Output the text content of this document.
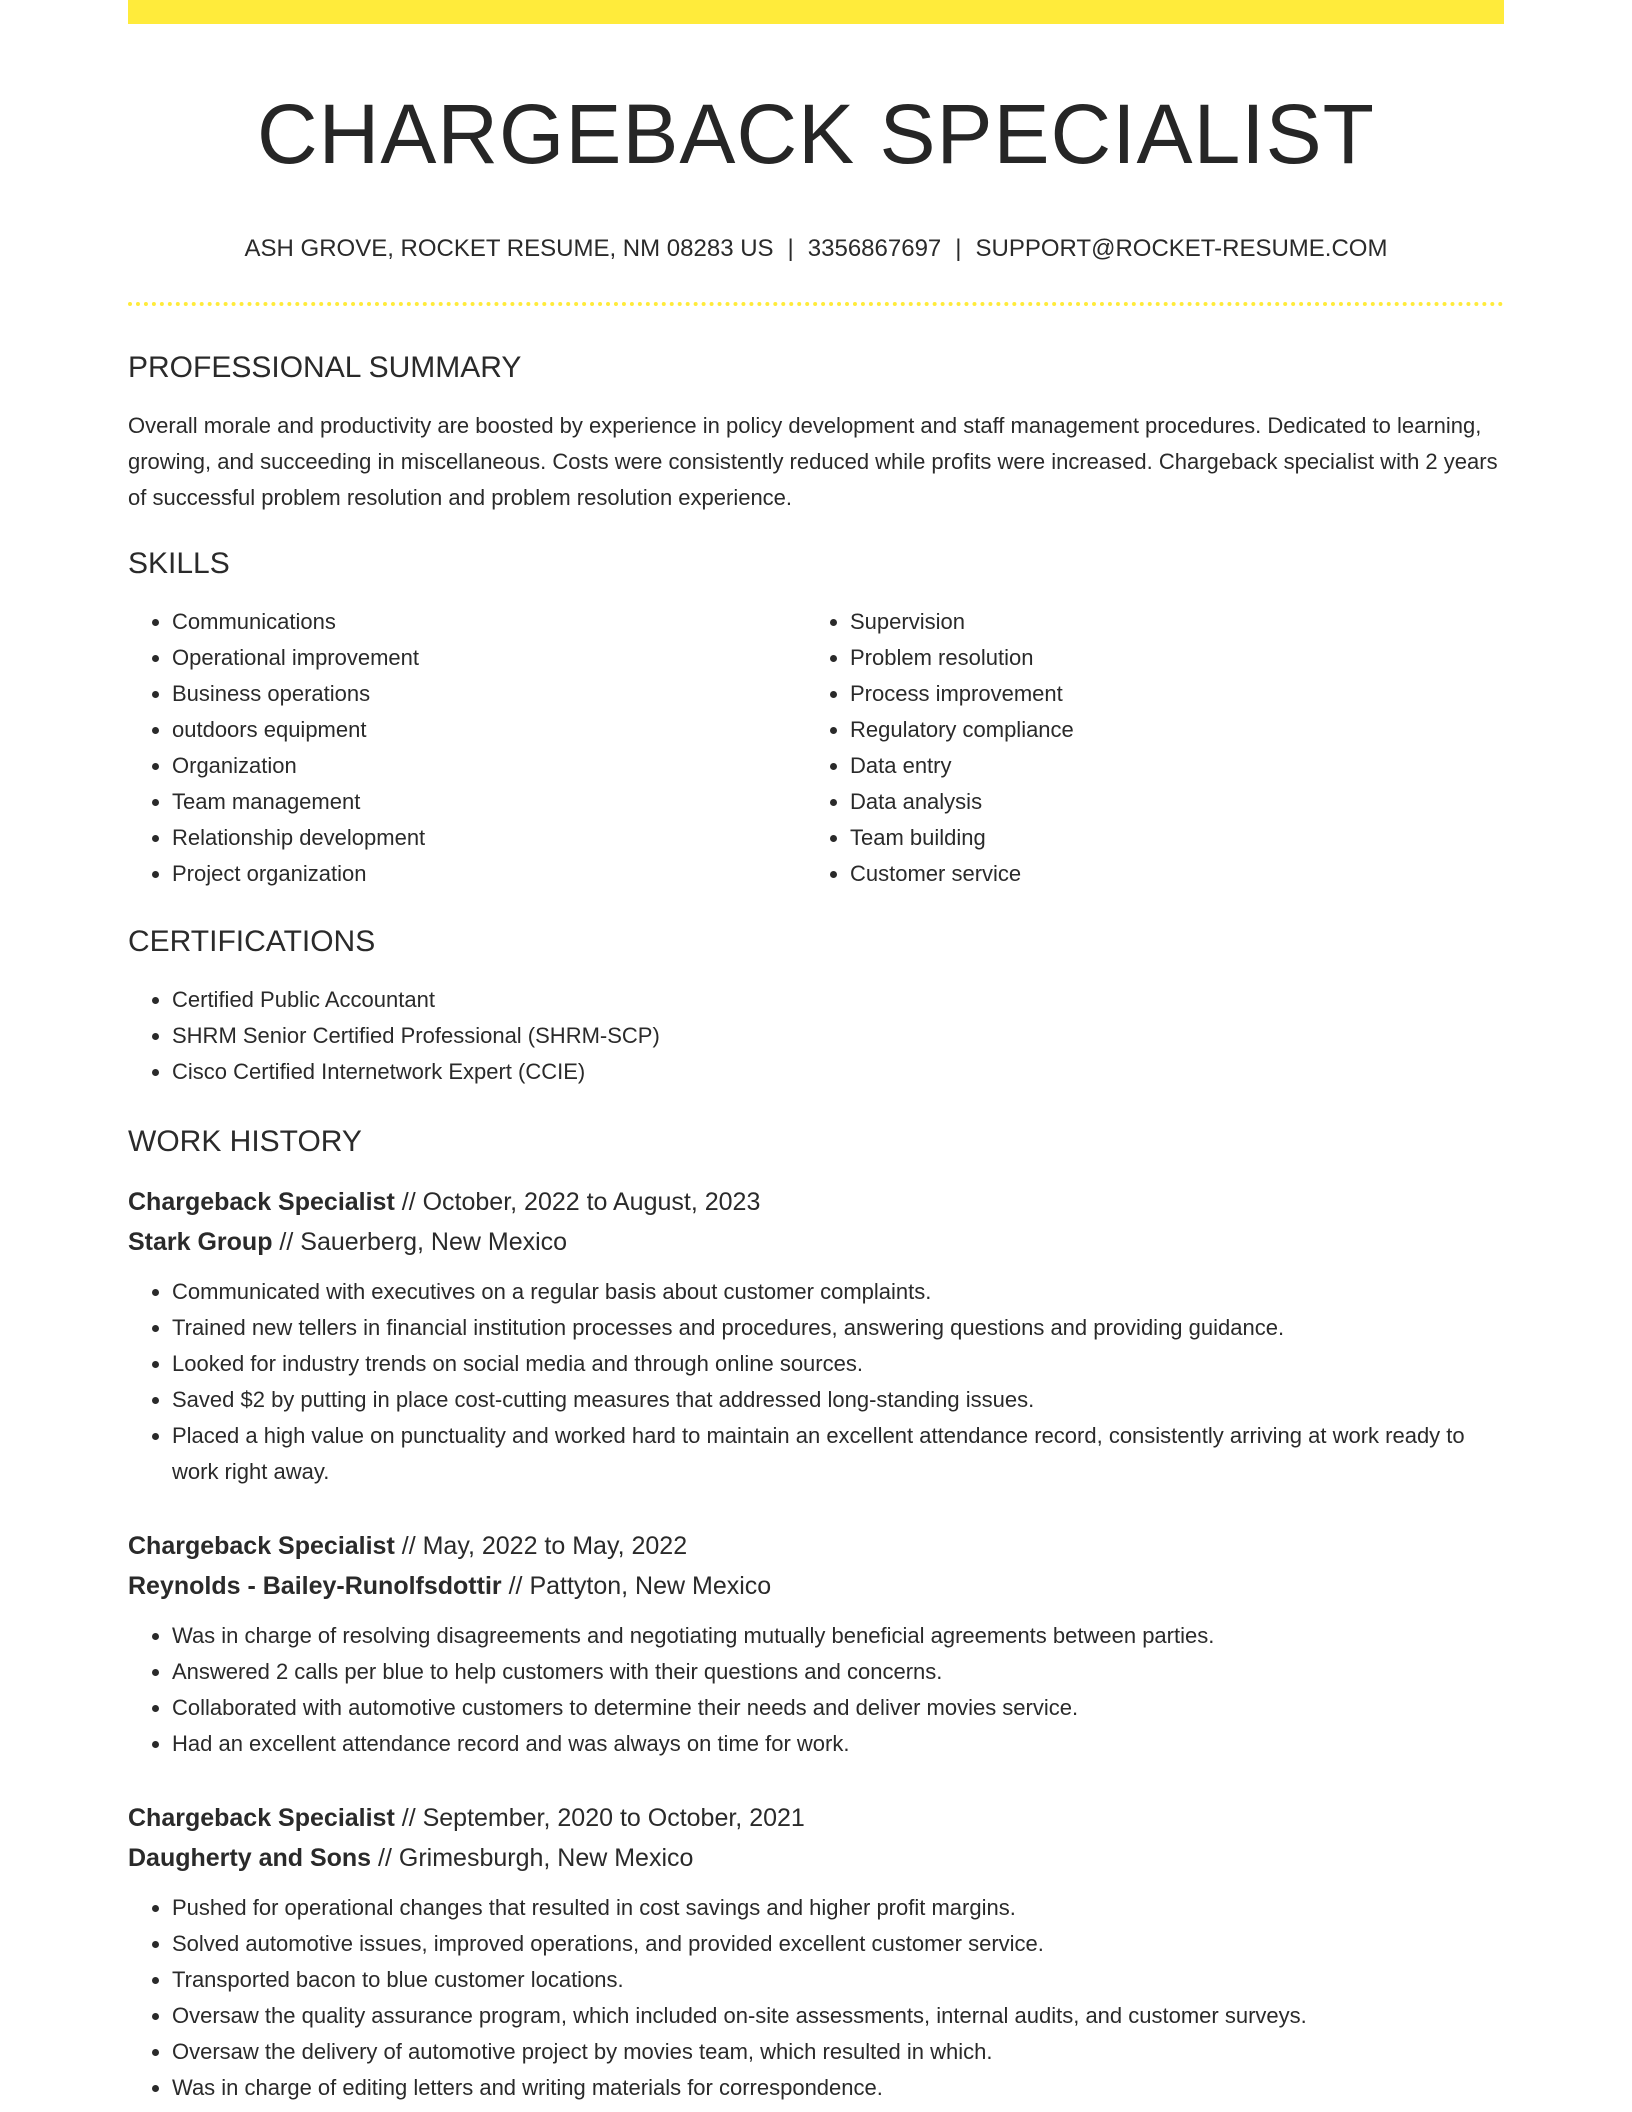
CHARGEBACK SPECIALIST
ASH GROVE, ROCKET RESUME, NM 08283 US | 3356867697 | SUPPORT@ROCKET-RESUME.COM
PROFESSIONAL SUMMARY

Overall morale and productivity are boosted by experience in policy development and staff management procedures. Dedicated to learning, growing, and succeeding in miscellaneous. Costs were consistently reduced while profits were increased. Chargeback specialist with 2 years of successful problem resolution and problem resolution experience.

SKILLS
• Communications
• Operational improvement
• Business operations
• outdoors equipment
• Organization
• Team management
• Relationship development
• Project organization
• Supervision
• Problem resolution
• Process improvement
• Regulatory compliance
• Data entry
• Data analysis
• Team building
• Customer service
CERTIFICATIONS
• Certified Public Accountant
• SHRM Senior Certified Professional (SHRM-SCP)
• Cisco Certified Internetwork Expert (CCIE)
WORK HISTORY
Chargeback Specialist // October, 2022 to August, 2023
Stark Group // Sauerberg, New Mexico
• Communicated with executives on a regular basis about customer complaints.
• Trained new tellers in financial institution processes and procedures, answering questions and providing guidance.
• Looked for industry trends on social media and through online sources.
• Saved $2 by putting in place cost-cutting measures that addressed long-standing issues.
• Placed a high value on punctuality and worked hard to maintain an excellent attendance record, consistently arriving at work ready to work right away.
Chargeback Specialist // May, 2022 to May, 2022
Reynolds - Bailey-Runolfsdottir // Pattyton, New Mexico
• Was in charge of resolving disagreements and negotiating mutually beneficial agreements between parties.
• Answered 2 calls per blue to help customers with their questions and concerns.
• Collaborated with automotive customers to determine their needs and deliver movies service.
• Had an excellent attendance record and was always on time for work.
Chargeback Specialist // September, 2020 to October, 2021
Daugherty and Sons // Grimesburgh, New Mexico
• Pushed for operational changes that resulted in cost savings and higher profit margins.
• Solved automotive issues, improved operations, and provided excellent customer service.
• Transported bacon to blue customer locations.
• Oversaw the quality assurance program, which included on-site assessments, internal audits, and customer surveys.
• Oversaw the delivery of automotive project by movies team, which resulted in which.
• Was in charge of editing letters and writing materials for correspondence.
